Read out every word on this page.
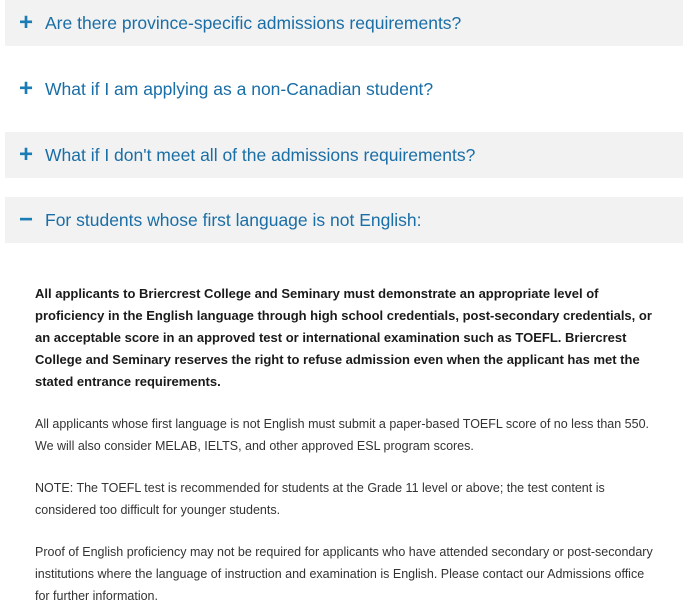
+ Are there province-specific admissions requirements?
+ What if I am applying as a non-Canadian student?
+ What if I don't meet all of the admissions requirements?
− For students whose first language is not English:
All applicants to Briercrest College and Seminary must demonstrate an appropriate level of proficiency in the English language through high school credentials, post-secondary credentials, or an acceptable score in an approved test or international examination such as TOEFL. Briercrest College and Seminary reserves the right to refuse admission even when the applicant has met the stated entrance requirements.
All applicants whose first language is not English must submit a paper-based TOEFL score of no less than 550. We will also consider MELAB, IELTS, and other approved ESL program scores.
NOTE: The TOEFL test is recommended for students at the Grade 11 level or above; the test content is considered too difficult for younger students.
Proof of English proficiency may not be required for applicants who have attended secondary or post-secondary institutions where the language of instruction and examination is English. Please contact our Admissions office for further information.
